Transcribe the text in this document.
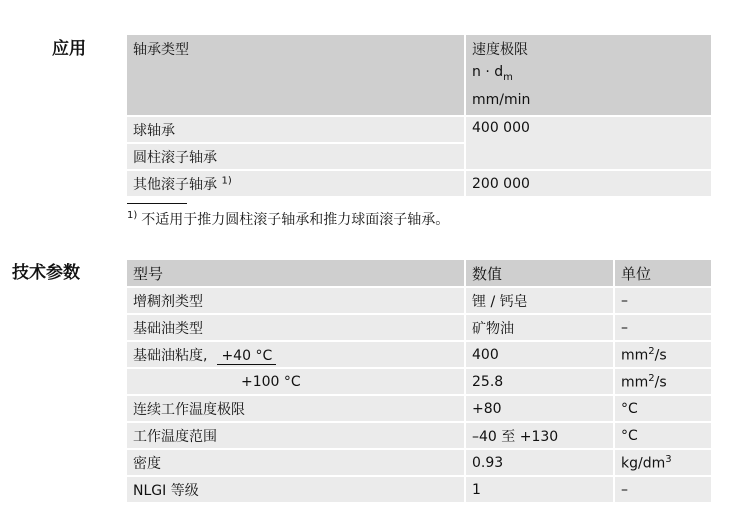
应用	轴承类型	速度极限
$n \cdot d_m$
mm/min

球轴承	400 000
圆柱滚子轴承	
其他滚子轴承 $^{1)}$	200 000
$^{1)}$ 不适用于推力圆柱滚子轴承和推力球面滚子轴承。
技术参数	型号	数值	单位
增稠剂类型	锂 / 钙皂	–
基础油类型	矿物油	–
基础油粘度, +40 °C	400	$mm^2/s$
+100 °C	25.8	$mm^2/s$
连续工作温度极限	+80	°C
工作温度范围	–40 至 +130	°C
密度	0.93	$kg/dm^3$
NLGI 等级	1	–
